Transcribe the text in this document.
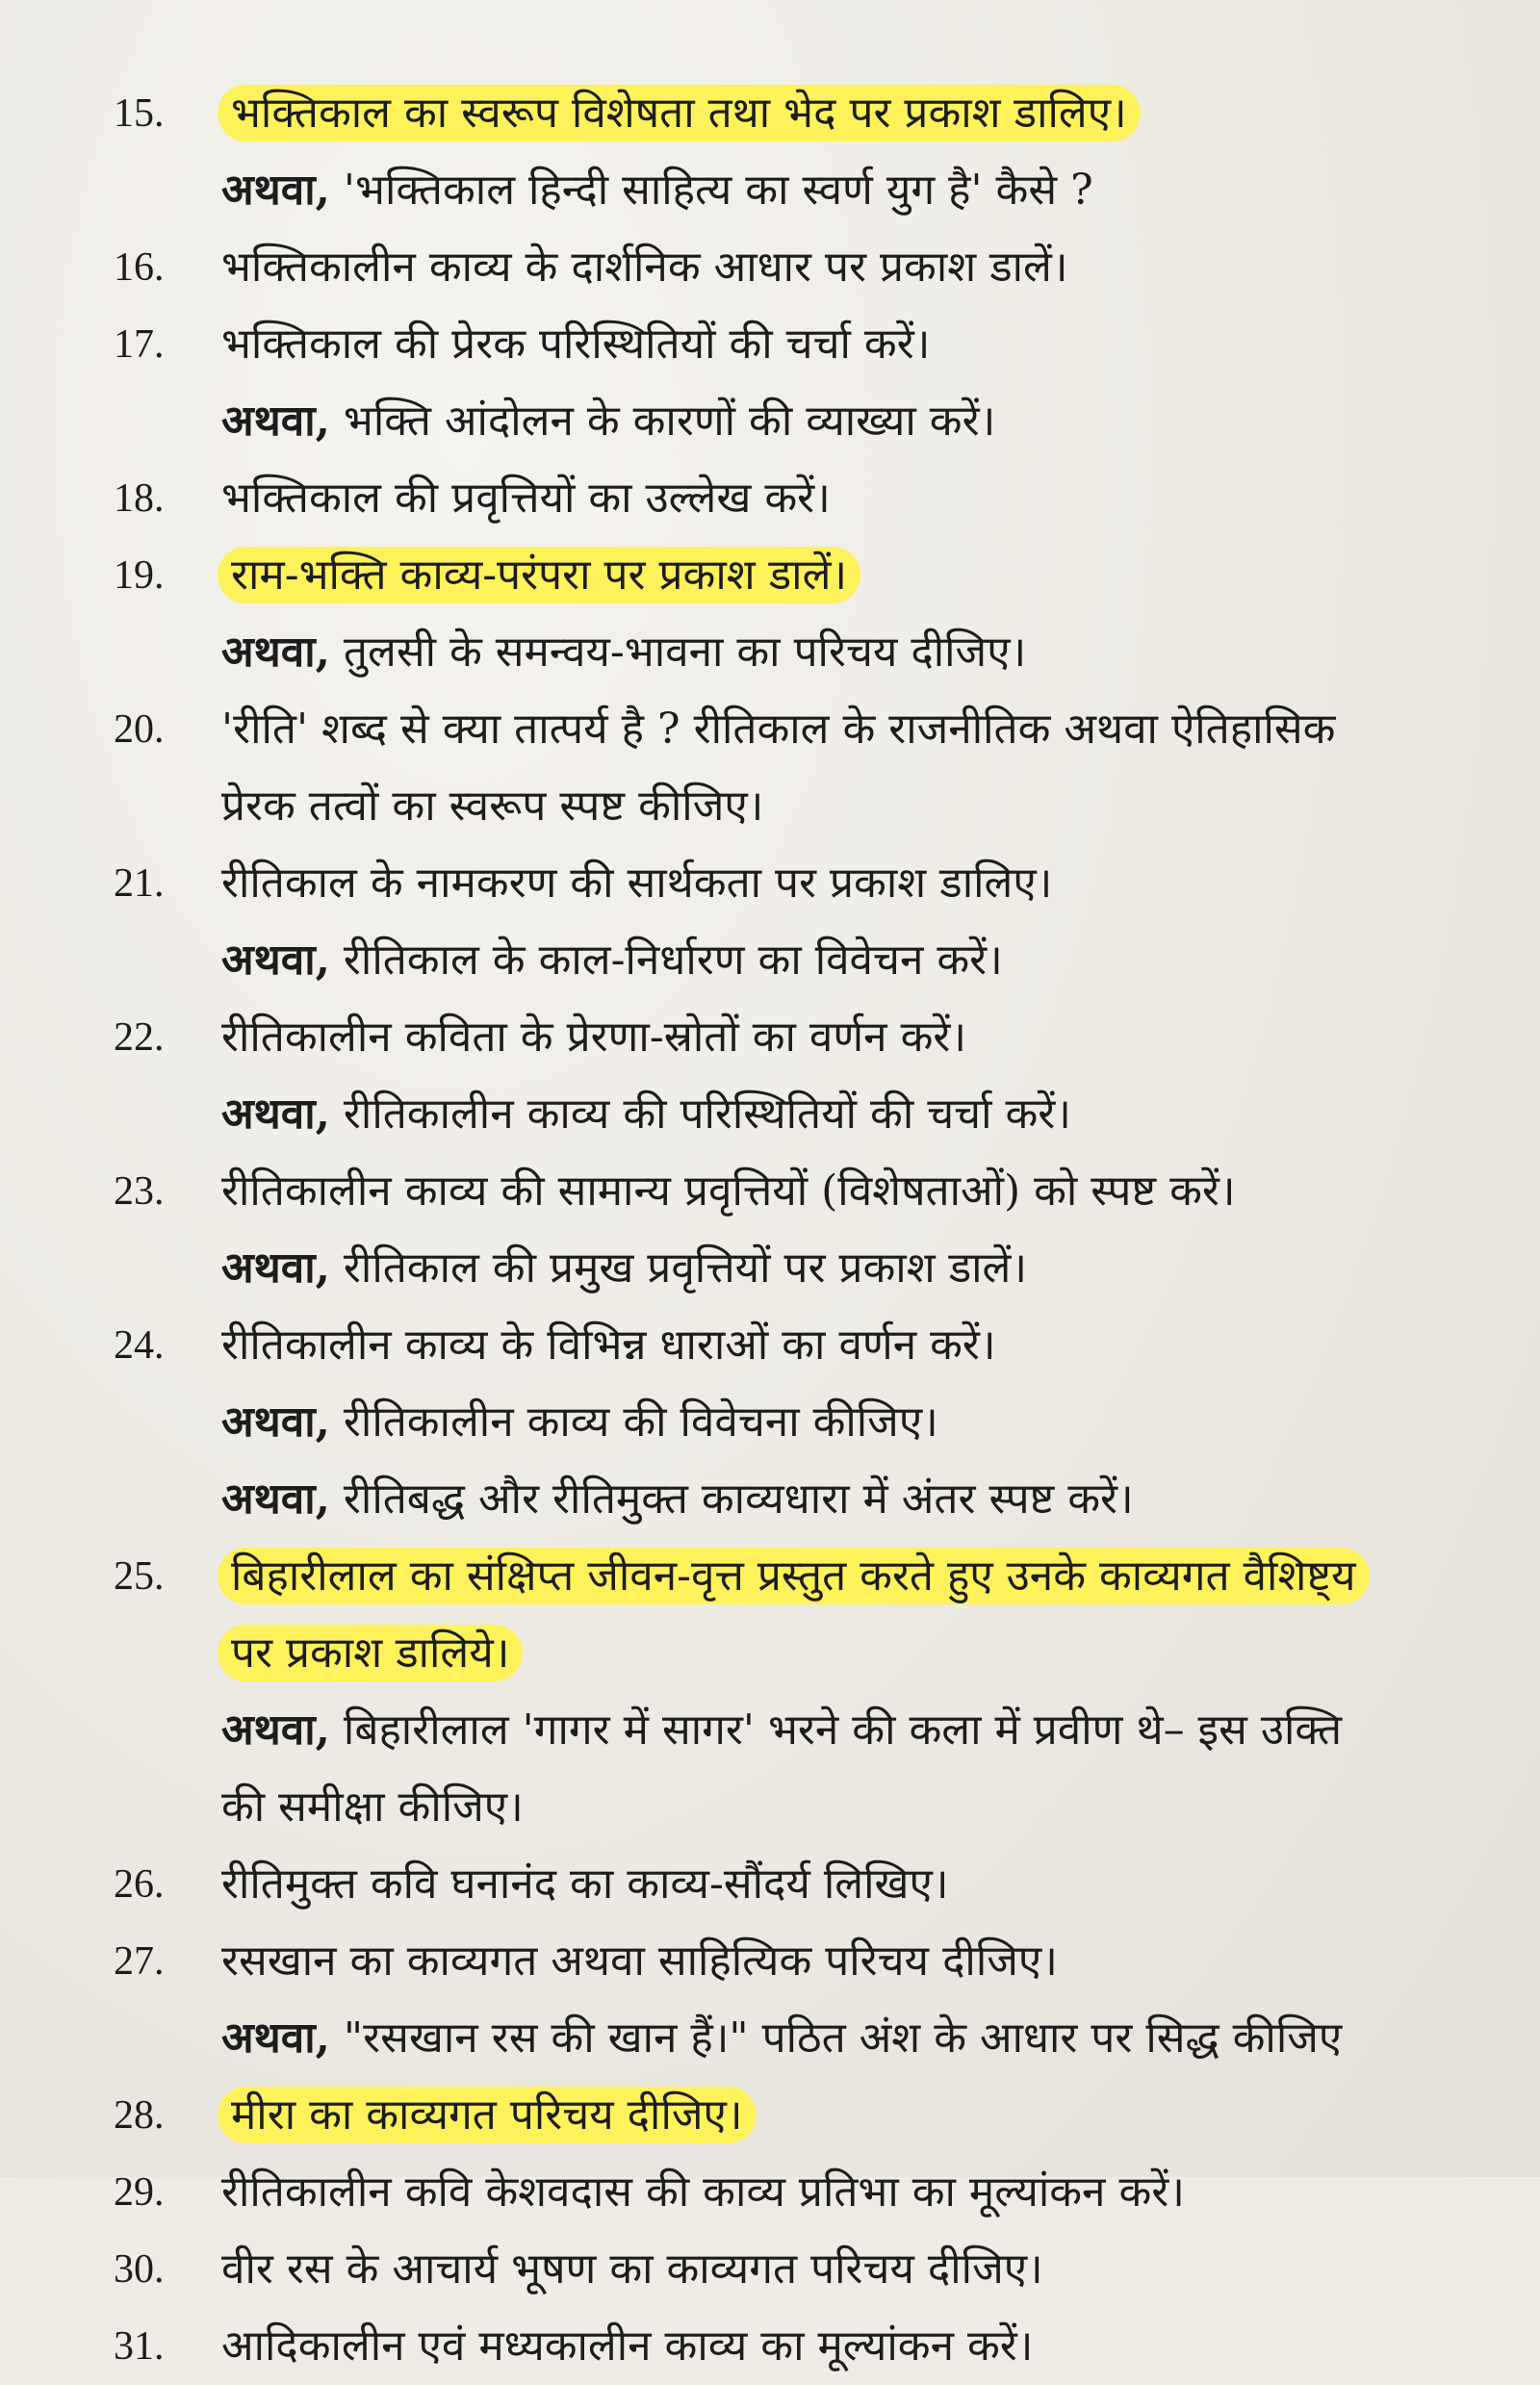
15. भक्तिकाल का स्वरूप विशेषता तथा भेद पर प्रकाश डालिए।
अथवा, 'भक्तिकाल हिन्दी साहित्य का स्वर्ण युग है' कैसे ?
16. भक्तिकालीन काव्य के दार्शनिक आधार पर प्रकाश डालें।
17. भक्तिकाल की प्रेरक परिस्थितियों की चर्चा करें।
अथवा, भक्ति आंदोलन के कारणों की व्याख्या करें।
18. भक्तिकाल की प्रवृत्तियों का उल्लेख करें।
19. राम-भक्ति काव्य-परंपरा पर प्रकाश डालें।
अथवा, तुलसी के समन्वय-भावना का परिचय दीजिए।
20. 'रीति' शब्द से क्या तात्पर्य है ? रीतिकाल के राजनीतिक अथवा ऐतिहासिक
प्रेरक तत्वों का स्वरूप स्पष्ट कीजिए।
21. रीतिकाल के नामकरण की सार्थकता पर प्रकाश डालिए।
अथवा, रीतिकाल के काल-निर्धारण का विवेचन करें।
22. रीतिकालीन कविता के प्रेरणा-स्रोतों का वर्णन करें।
अथवा, रीतिकालीन काव्य की परिस्थितियों की चर्चा करें।
23. रीतिकालीन काव्य की सामान्य प्रवृत्तियों (विशेषताओं) को स्पष्ट करें।
अथवा, रीतिकाल की प्रमुख प्रवृत्तियों पर प्रकाश डालें।
24. रीतिकालीन काव्य के विभिन्न धाराओं का वर्णन करें।
अथवा, रीतिकालीन काव्य की विवेचना कीजिए।
अथवा, रीतिबद्ध और रीतिमुक्त काव्यधारा में अंतर स्पष्ट करें।
25. बिहारीलाल का संक्षिप्त जीवन-वृत्त प्रस्तुत करते हुए उनके काव्यगत वैशिष्ट्य
पर प्रकाश डालिये।
अथवा, बिहारीलाल 'गागर में सागर' भरने की कला में प्रवीण थे– इस उक्ति
की समीक्षा कीजिए।
26. रीतिमुक्त कवि घनानंद का काव्य-सौंदर्य लिखिए।
27. रसखान का काव्यगत अथवा साहित्यिक परिचय दीजिए।
अथवा, "रसखान रस की खान हैं।" पठित अंश के आधार पर सिद्ध कीजिए
28. मीरा का काव्यगत परिचय दीजिए।
29. रीतिकालीन कवि केशवदास की काव्य प्रतिभा का मूल्यांकन करें।
30. वीर रस के आचार्य भूषण का काव्यगत परिचय दीजिए।
31. आदिकालीन एवं मध्यकालीन काव्य का मूल्यांकन करें।
